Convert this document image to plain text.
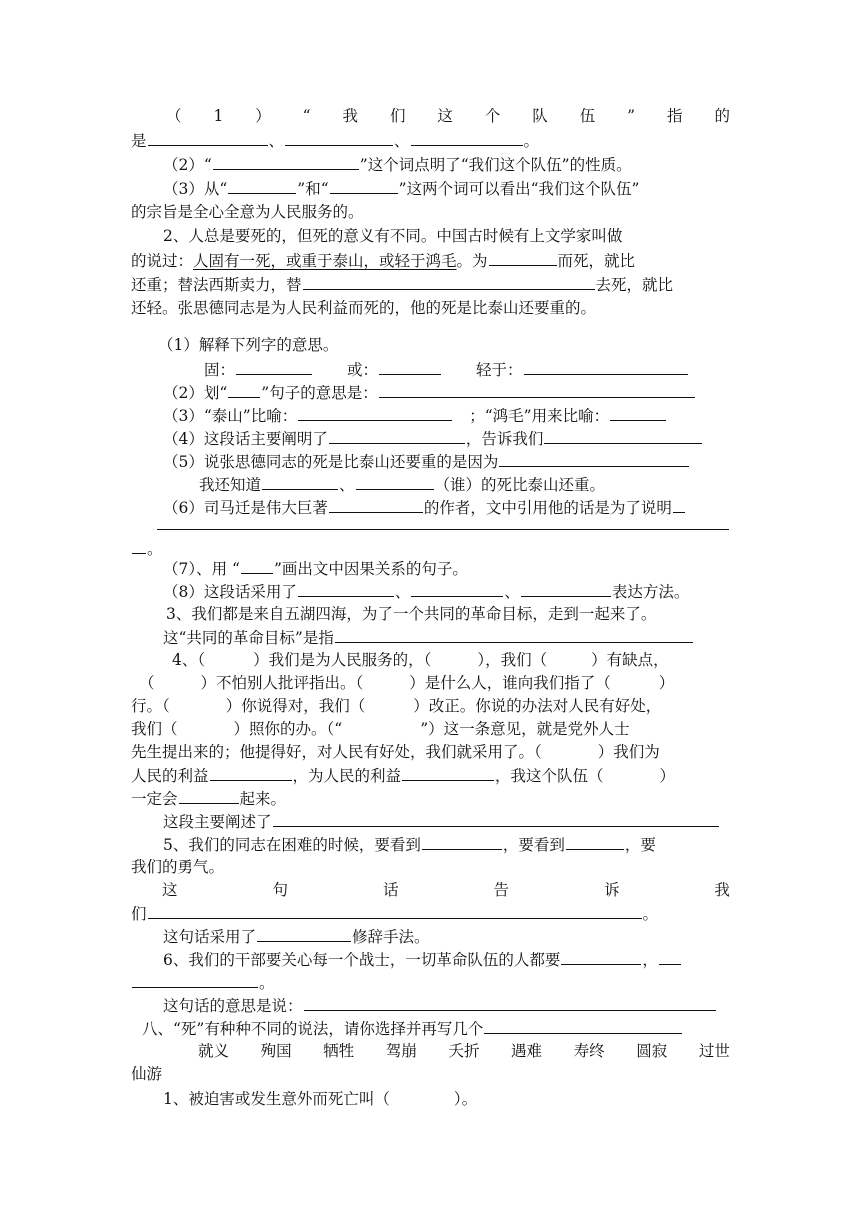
（ 1 ） “ 我 们 这 个 队 伍 ” 指 的
是	、	、	。
（2）“	”这个词点明了“我们这个队伍”的性质。
（3）从“	”和“	”这两个词可以看出“我们这个队伍”
的宗旨是全心全意为人民服务的。
2、人总是要死的，但死的意义有不同。中国古时候有上文学家叫做
的说过：人固有一死，或重于泰山，或轻于鸿毛。为	而死，就比
还重；替法西斯卖力，替	去死，就比
还轻。张思德同志是为人民利益而死的，他的死是比泰山还要重的。
（1）解释下列字的意思。
固：	或：	轻于：
（2）划“ ”句子的意思是：
（3）“泰山”比喻：	；“鸿毛”用来比喻：
（4）这段话主要阐明了	，告诉我们
（5）说张思德同志的死是比泰山还要重的是因为
我还知道	、	（谁）的死比泰山还重。
（6）司马迁是伟大巨著	的作者，文中引用他的话是为了说明
。
（7）、用 “ ”画出文中因果关系的句子。
（8）这段话采用了	、	、	表达方法。
3、我们都是来自五湖四海，为了一个共同的革命目标，走到一起来了。
这“共同的革命目标”是指
4、（	）我们是为人民服务的，（	），我们（	）有缺点，
（	）不怕别人批评指出。（	）是什么人，谁向我们指了（	）
行。（	）你说得对，我们（	）改正。你说的办法对人民有好处，
我们（	）照你的办。（“	”）这一条意见，就是党外人士
先生提出来的；他提得好，对人民有好处，我们就采用了。（	）我们为
人民的利益	，为人民的利益	，我这个队伍（	）
一定会	起来。
这段主要阐述了
5、我们的同志在困难的时候，要看到	，要看到	，要
我们的勇气。
这	句	话	告	诉	我
们	。
这句话采用了	修辞手法。
6、我们的干部要关心每一个战士，一切革命队伍的人都要	，
。
这句话的意思是说：
八、“死”有种种不同的说法，请你选择并再写几个
就义 殉国 牺牲 驾崩 夭折 遇难 寿终 圆寂 过世
仙游
1、被迫害或发生意外而死亡叫（	）。
